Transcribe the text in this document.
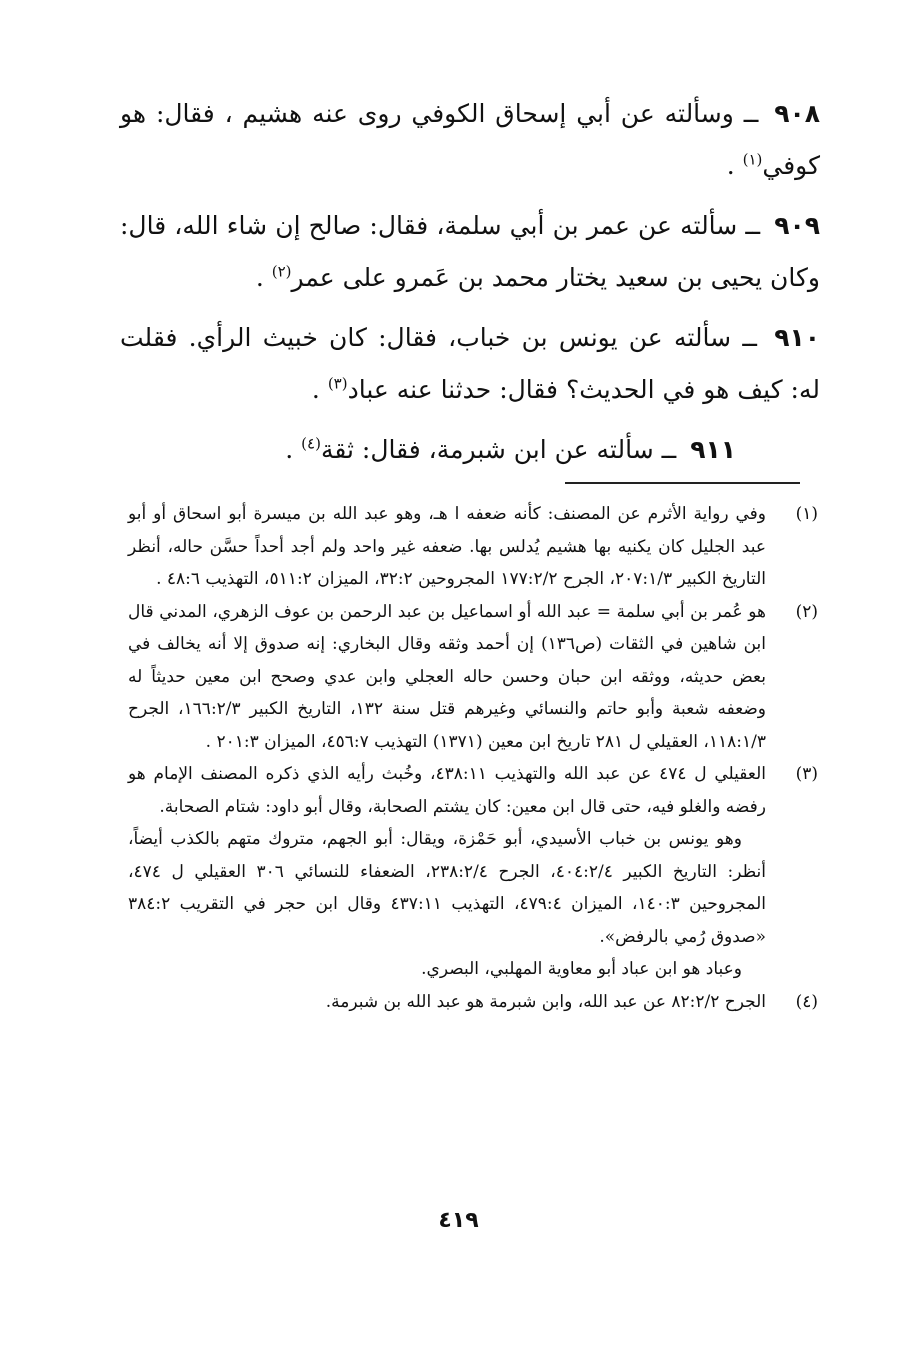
٩٠٨ ــ وسألته عن أبي إسحاق الكوفي روى عنه هشيم ، فقال: هو كوفي$^{(١)}$ .
٩٠٩ ــ سألته عن عمر بن أبي سلمة، فقال: صالح إن شاء الله، قال: وكان يحيى بن سعيد يختار محمد بن عَمرو على عمر$^{(٢)}$ .
٩١٠ ــ سألته عن يونس بن خباب، فقال: كان خبيث الرأي. فقلت له: كيف هو في الحديث؟ فقال: حدثنا عنه عباد$^{(٣)}$ .
٩١١ ــ سألته عن ابن شبرمة، فقال: ثقة$^{(٤)}$ .
(١)

وفي رواية الأثرم عن المصنف: كأنه ضعفه ا هـ، وهو عبد الله بن ميسرة أبو اسحاق أو أبو عبد الجليل كان يكنيه بها هشيم يُدلس بها. ضعفه غير واحد ولم أجد أحداً حسَّن حاله، أنظر التاريخ الكبير ٢٠٧:١/٣، الجرح ١٧٧:٢/٢ المجروحين ٣٢:٢، الميزان ٥١١:٢، التهذيب ٤٨:٦ .

(٢)

هو عُمر بن أبي سلمة = عبد الله أو اسماعيل بن عبد الرحمن بن عوف الزهري، المدني قال ابن شاهين في الثقات (ص١٣٦) إن أحمد وثقه وقال البخاري: إنه صدوق إلا أنه يخالف في بعض حديثه، ووثقه ابن حبان وحسن حاله العجلي وابن عدي وصحح ابن معين حديثاً له وضعفه شعبة وأبو حاتم والنسائي وغيرهم قتل سنة ١٣٢، التاريخ الكبير ١٦٦:٢/٣، الجرح ١١٨:١/٣، العقيلي ل ٢٨١ تاريخ ابن معين (١٣٧١) التهذيب ٤٥٦:٧، الميزان ٢٠١:٣ .

(٣)

العقيلي ل ٤٧٤ عن عبد الله والتهذيب ٤٣٨:١١، وخُبث رأيه الذي ذكره المصنف الإمام هو رفضه والغلو فيه، حتى قال ابن معين: كان يشتم الصحابة، وقال أبو داود: شتام الصحابة.

وهو يونس بن خباب الأسيدي، أبو حَمْزة، ويقال: أبو الجهم، متروك متهم بالكذب أيضاً، أنظر: التاريخ الكبير ٤٠٤:٢/٤، الجرح ٢٣٨:٢/٤، الضعفاء للنسائي ٣٠٦ العقيلي ل ٤٧٤، المجروحين ١٤٠:٣، الميزان ٤٧٩:٤، التهذيب ٤٣٧:١١ وقال ابن حجر في التقريب ٣٨٤:٢ «صدوق رُمي بالرفض».

وعباد هو ابن عباد أبو معاوية المهلبي، البصري.

(٤)

الجرح ٨٢:٢/٢ عن عبد الله، وابن شبرمة هو عبد الله بن شبرمة.

٤١٩
